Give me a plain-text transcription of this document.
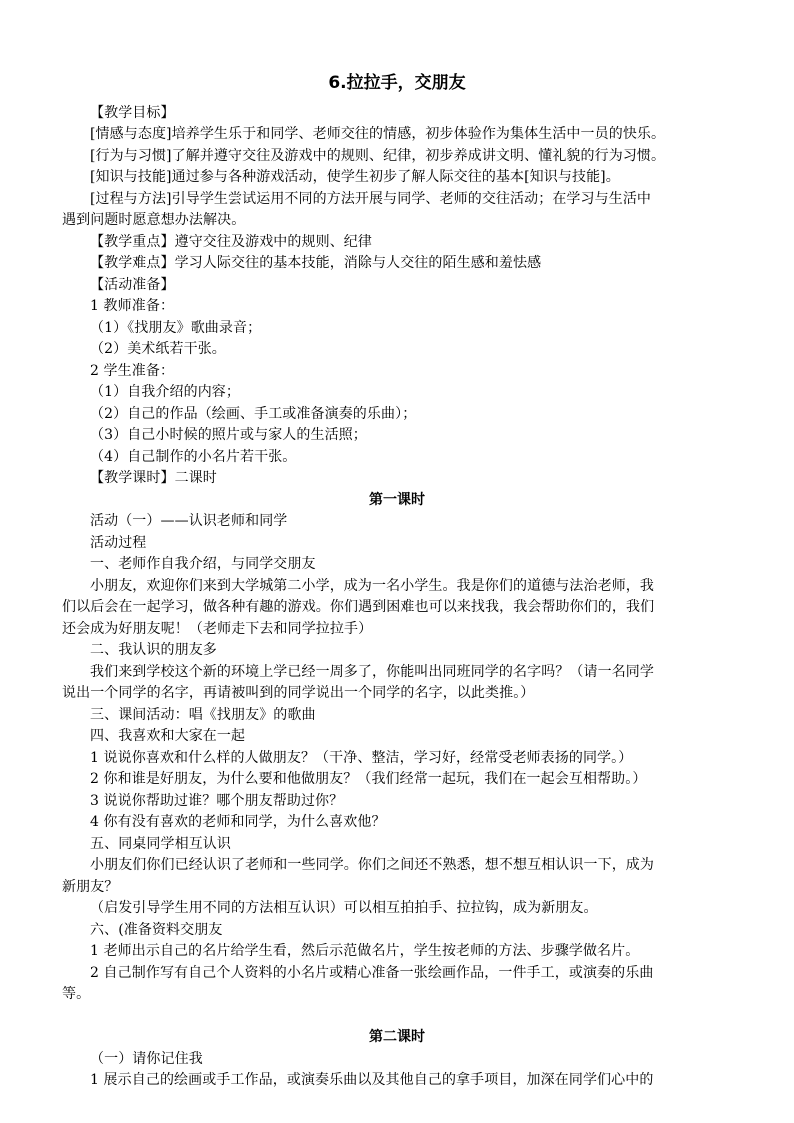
6.拉拉手，交朋友
【教学目标】
[情感与态度]培养学生乐于和同学、老师交往的情感，初步体验作为集体生活中一员的快乐。
[行为与习惯]了解并遵守交往及游戏中的规则、纪律，初步养成讲文明、懂礼貌的行为习惯。
[知识与技能]通过参与各种游戏活动，使学生初步了解人际交往的基本[知识与技能]。
[过程与方法]引导学生尝试运用不同的方法开展与同学、老师的交往活动；在学习与生活中
遇到问题时愿意想办法解决。
【教学重点】遵守交往及游戏中的规则、纪律
【教学难点】学习人际交往的基本技能，消除与人交往的陌生感和羞怯感
【活动准备】
1 教师准备：
（1）《找朋友》歌曲录音；
（2）美术纸若干张。
2 学生准备：
（1）自我介绍的内容；
（2）自己的作品（绘画、手工或准备演奏的乐曲）；
（3）自己小时候的照片或与家人的生活照；
（4）自己制作的小名片若干张。
【教学课时】二课时
第一课时
活动（一）——认识老师和同学
活动过程
一、老师作自我介绍，与同学交朋友
小朋友，欢迎你们来到大学城第二小学，成为一名小学生。我是你们的道德与法治老师，我
们以后会在一起学习，做各种有趣的游戏。你们遇到困难也可以来找我，我会帮助你们的，我们
还会成为好朋友呢！（老师走下去和同学拉拉手）
二、我认识的朋友多
我们来到学校这个新的环境上学已经一周多了，你能叫出同班同学的名字吗？（请一名同学
说出一个同学的名字，再请被叫到的同学说出一个同学的名字，以此类推。）
三、课间活动：唱《找朋友》的歌曲
四、我喜欢和大家在一起
1 说说你喜欢和什么样的人做朋友？（干净、整洁，学习好，经常受老师表扬的同学。）
2 你和谁是好朋友，为什么要和他做朋友？（我们经常一起玩，我们在一起会互相帮助。）
3 说说你帮助过谁？哪个朋友帮助过你？
4 你有没有喜欢的老师和同学，为什么喜欢他？
五、同桌同学相互认识
小朋友们你们已经认识了老师和一些同学。你们之间还不熟悉，想不想互相认识一下，成为
新朋友？
（启发引导学生用不同的方法相互认识）可以相互拍拍手、拉拉钩，成为新朋友。
六、(准备资料交朋友
1 老师出示自己的名片给学生看，然后示范做名片，学生按老师的方法、步骤学做名片。
2 自己制作写有自己个人资料的小名片或精心准备一张绘画作品，一件手工，或演奏的乐曲
等。
第二课时
（一）请你记住我
1 展示自己的绘画或手工作品，或演奏乐曲以及其他自己的拿手项目，加深在同学们心中的
